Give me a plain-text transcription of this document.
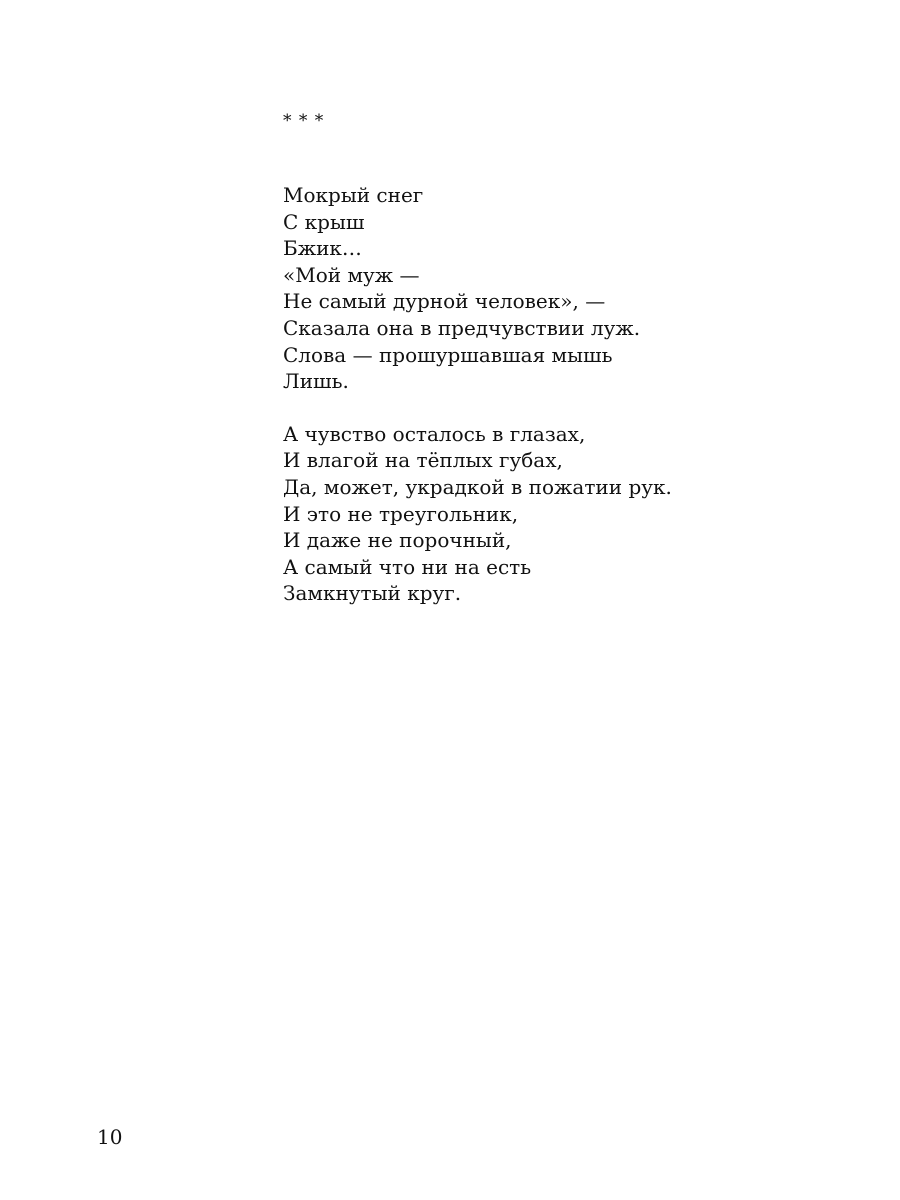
* * *
Мокрый снег
С крыш
Бжик…
«Мой муж —
Не самый дурной человек», —
Сказала она в предчувствии луж.
Слова — прошуршавшая мышь
Лишь.
А чувство осталось в глазах,
И влагой на тёплых губах,
Да, может, украдкой в пожатии рук.
И это не треугольник,
И даже не порочный,
А самый что ни на есть
Замкнутый круг.
10
